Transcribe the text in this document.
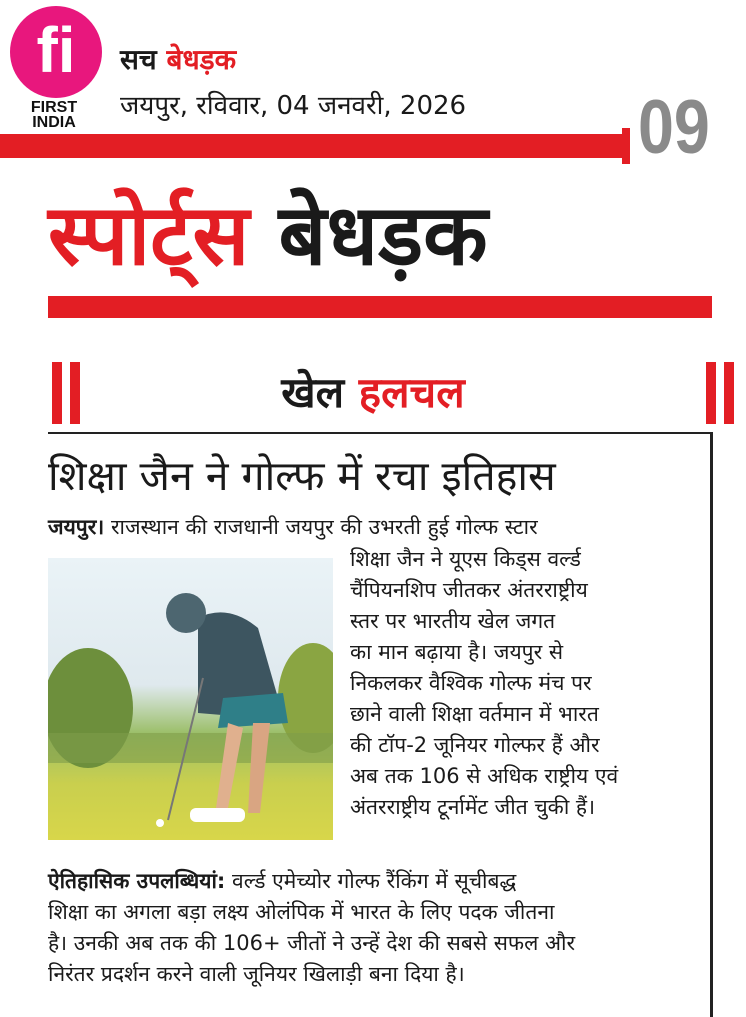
fi
FIRST
INDIA
सच बेधड़क
जयपुर, रविवार, 04 जनवरी, 2026 09
स्पोर्ट्स बेधड़क
खेल हलचल
शिक्षा जैन ने गोल्फ में रचा इतिहास
जयपुर। राजस्थान की राजधानी जयपुर की उभरती हुई गोल्फ स्टार
शिक्षा जैन ने यूएस किड्स वर्ल्ड
चैंपियनशिप जीतकर अंतरराष्ट्रीय
स्तर पर भारतीय खेल जगत
का मान बढ़ाया है। जयपुर से
निकलकर वैश्विक गोल्फ मंच पर
छाने वाली शिक्षा वर्तमान में भारत
की टॉप-2 जूनियर गोल्फर हैं और
अब तक 106 से अधिक राष्ट्रीय एवं
अंतरराष्ट्रीय टूर्नामेंट जीत चुकी हैं।
ऐतिहासिक उपलब्धियां: वर्ल्ड एमेच्योर गोल्फ रैंकिंग में सूचीबद्ध
शिक्षा का अगला बड़ा लक्ष्य ओलंपिक में भारत के लिए पदक जीतना
है। उनकी अब तक की 106+ जीतों ने उन्हें देश की सबसे सफल और
निरंतर प्रदर्शन करने वाली जूनियर खिलाड़ी बना दिया है।
